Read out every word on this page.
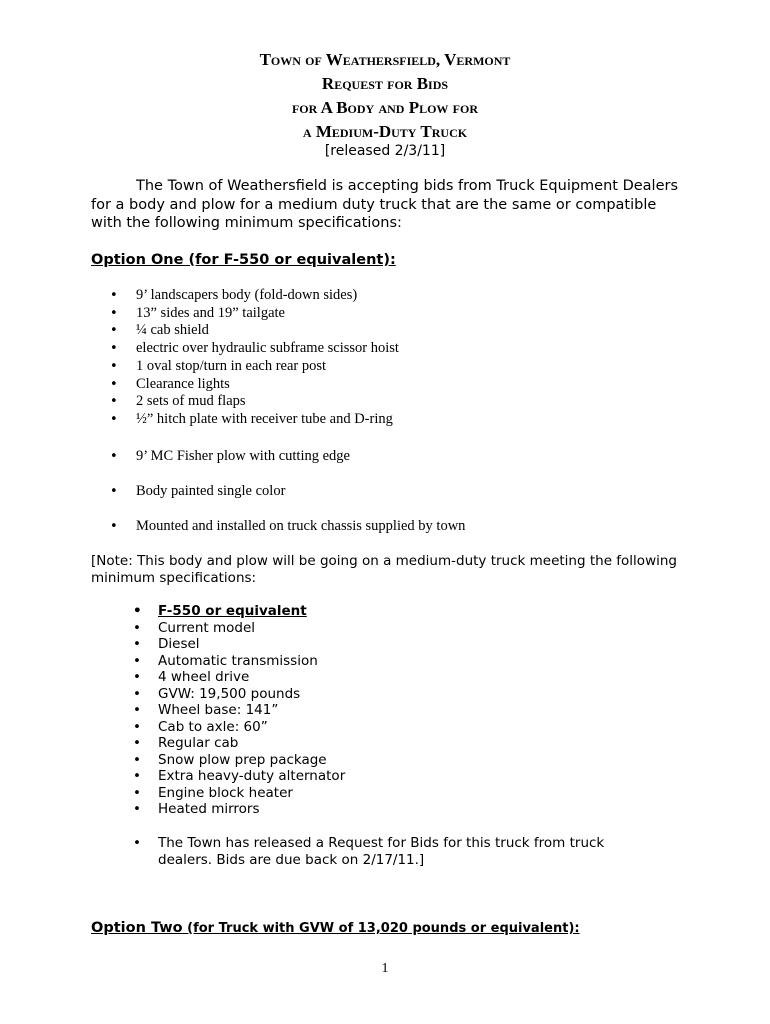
Town of Weathersfield, Vermont
Request for Bids
for A Body and Plow for
a Medium-Duty Truck
[released 2/3/11]
The Town of Weathersfield is accepting bids from Truck Equipment Dealers for a body and plow for a medium duty truck that are the same or compatible with the following minimum specifications:
Option One (for F-550 or equivalent):
• 9’ landscapers body (fold-down sides)
• 13” sides and 19” tailgate
• ¼ cab shield
• electric over hydraulic subframe scissor hoist
• 1 oval stop/turn in each rear post
• Clearance lights
• 2 sets of mud flaps
• ½” hitch plate with receiver tube and D-ring
• 9’ MC Fisher plow with cutting edge
• Body painted single color
• Mounted and installed on truck chassis supplied by town
[Note: This body and plow will be going on a medium-duty truck meeting the following minimum specifications:
• F-550 or equivalent
• Current model
• Diesel
• Automatic transmission
• 4 wheel drive
• GVW: 19,500 pounds
• Wheel base: 141”
• Cab to axle: 60”
• Regular cab
• Snow plow prep package
• Extra heavy-duty alternator
• Engine block heater
• Heated mirrors
• The Town has released a Request for Bids for this truck from truck dealers. Bids are due back on 2/17/11.]
Option Two (for Truck with GVW of 13,020 pounds or equivalent):
1
